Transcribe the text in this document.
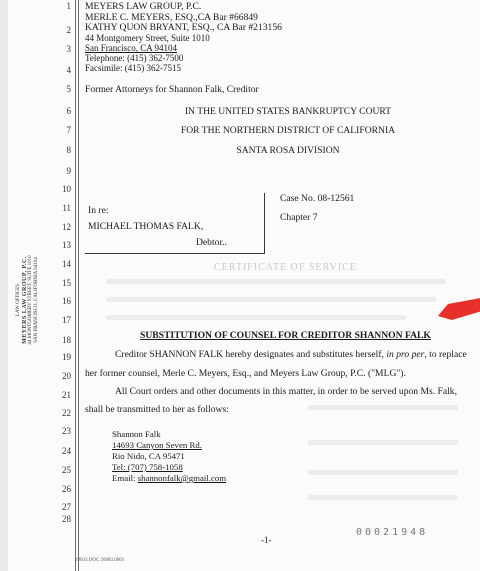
CERTIFICATE OF SERVICE
LAW OFFICES MEYERS LAW GROUP, P.C. 44 MONTGOMERY STREET, SUITE 1010 SAN FRANCISCO, CALIFORNIA 94104
1
2
3
4
5
6
7
8
9
10
11
12
13
14
15
16
17
18
19
20
21
22
23
24
25
26
27
28
MEYERS LAW GROUP, P.C.
MERLE C. MEYERS, ESQ.,CA Bar #66849
KATHY QUON BRYANT, ESQ., CA Bar #213156
44 Montgomery Street, Suite 1010
San Francisco, CA 94104
Telephone: (415) 362-7500
Facsimile: (415) 362-7515
Former Attorneys for Shannon Falk, Creditor
IN THE UNITED STATES BANKRUPTCY COURT
FOR THE NORTHERN DISTRICT OF CALIFORNIA
SANTA ROSA DIVISION
In re:
MICHAEL THOMAS FALK,
Debtor..
Case No. 08-12561
Chapter 7
SUBSTITUTION OF COUNSEL FOR CREDITOR SHANNON FALK
Creditor SHANNON FALK hereby designates and substitutes herself, in pro per, to replace
her former counsel, Merle C. Meyers, Esq., and Meyers Law Group, P.C. ("MLG").
All Court orders and other documents in this matter, in order to be served upon Ms. Falk,
shall be transmitted to her as follows:
Shannon Falk
14693 Canyon Seven Rd.
Rio Nido, CA 95471
Tel: (707) 758-1058
Email: shannonfalk@gmail.com
-1-
00021948
29033 DOC 20083.0001
